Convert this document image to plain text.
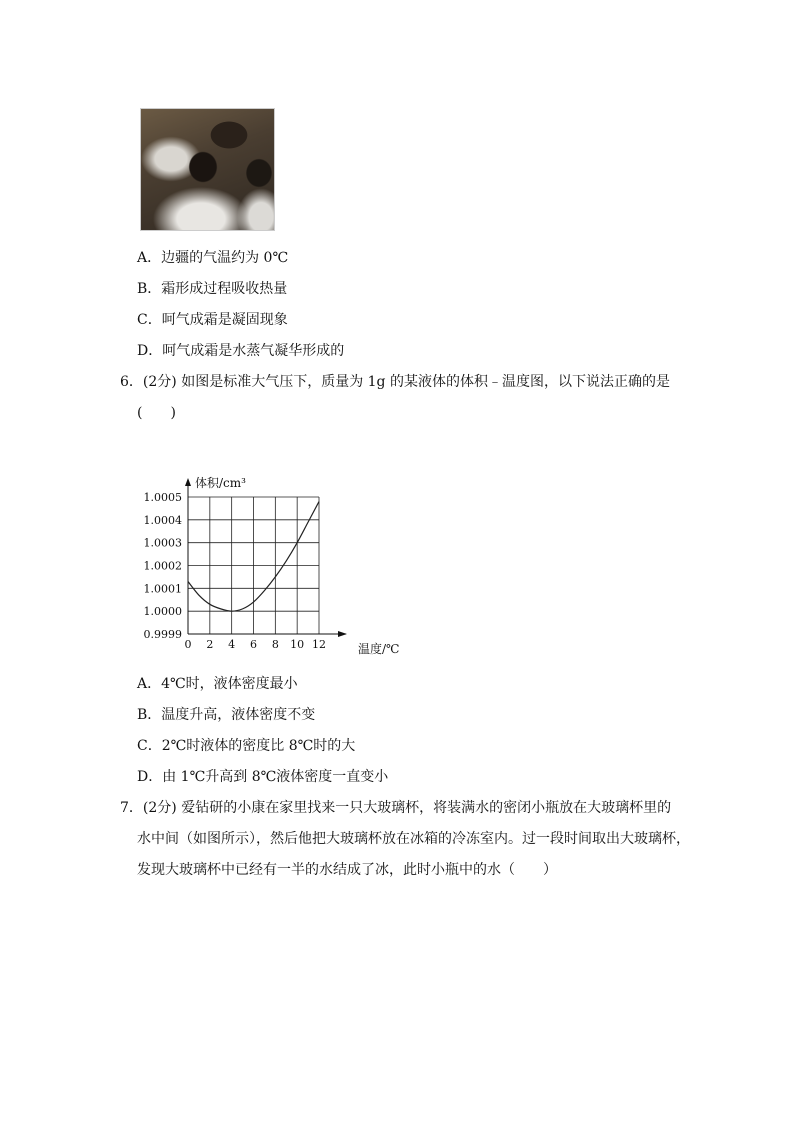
A．边疆的气温约为 0℃
B．霜形成过程吸收热量
C．呵气成霜是凝固现象
D．呵气成霜是水蒸气凝华形成的
6．(2分) 如图是标准大气压下，质量为 1g 的某液体的体积﹣温度图，以下说法正确的是
(　　)
0.9999
1.0000
1.0001
1.0002
1.0003
1.0004
1.0005
0 2 4 6 8 10 12
体积/cm³
温度/℃
A．4℃时，液体密度最小
B．温度升高，液体密度不变
C．2℃时液体的密度比 8℃时的大
D．由 1℃升高到 8℃液体密度一直变小
7．(2分) 爱钻研的小康在家里找来一只大玻璃杯，将装满水的密闭小瓶放在大玻璃杯里的
水中间（如图所示），然后他把大玻璃杯放在冰箱的冷冻室内。过一段时间取出大玻璃杯，
发现大玻璃杯中已经有一半的水结成了冰，此时小瓶中的水（　　）
